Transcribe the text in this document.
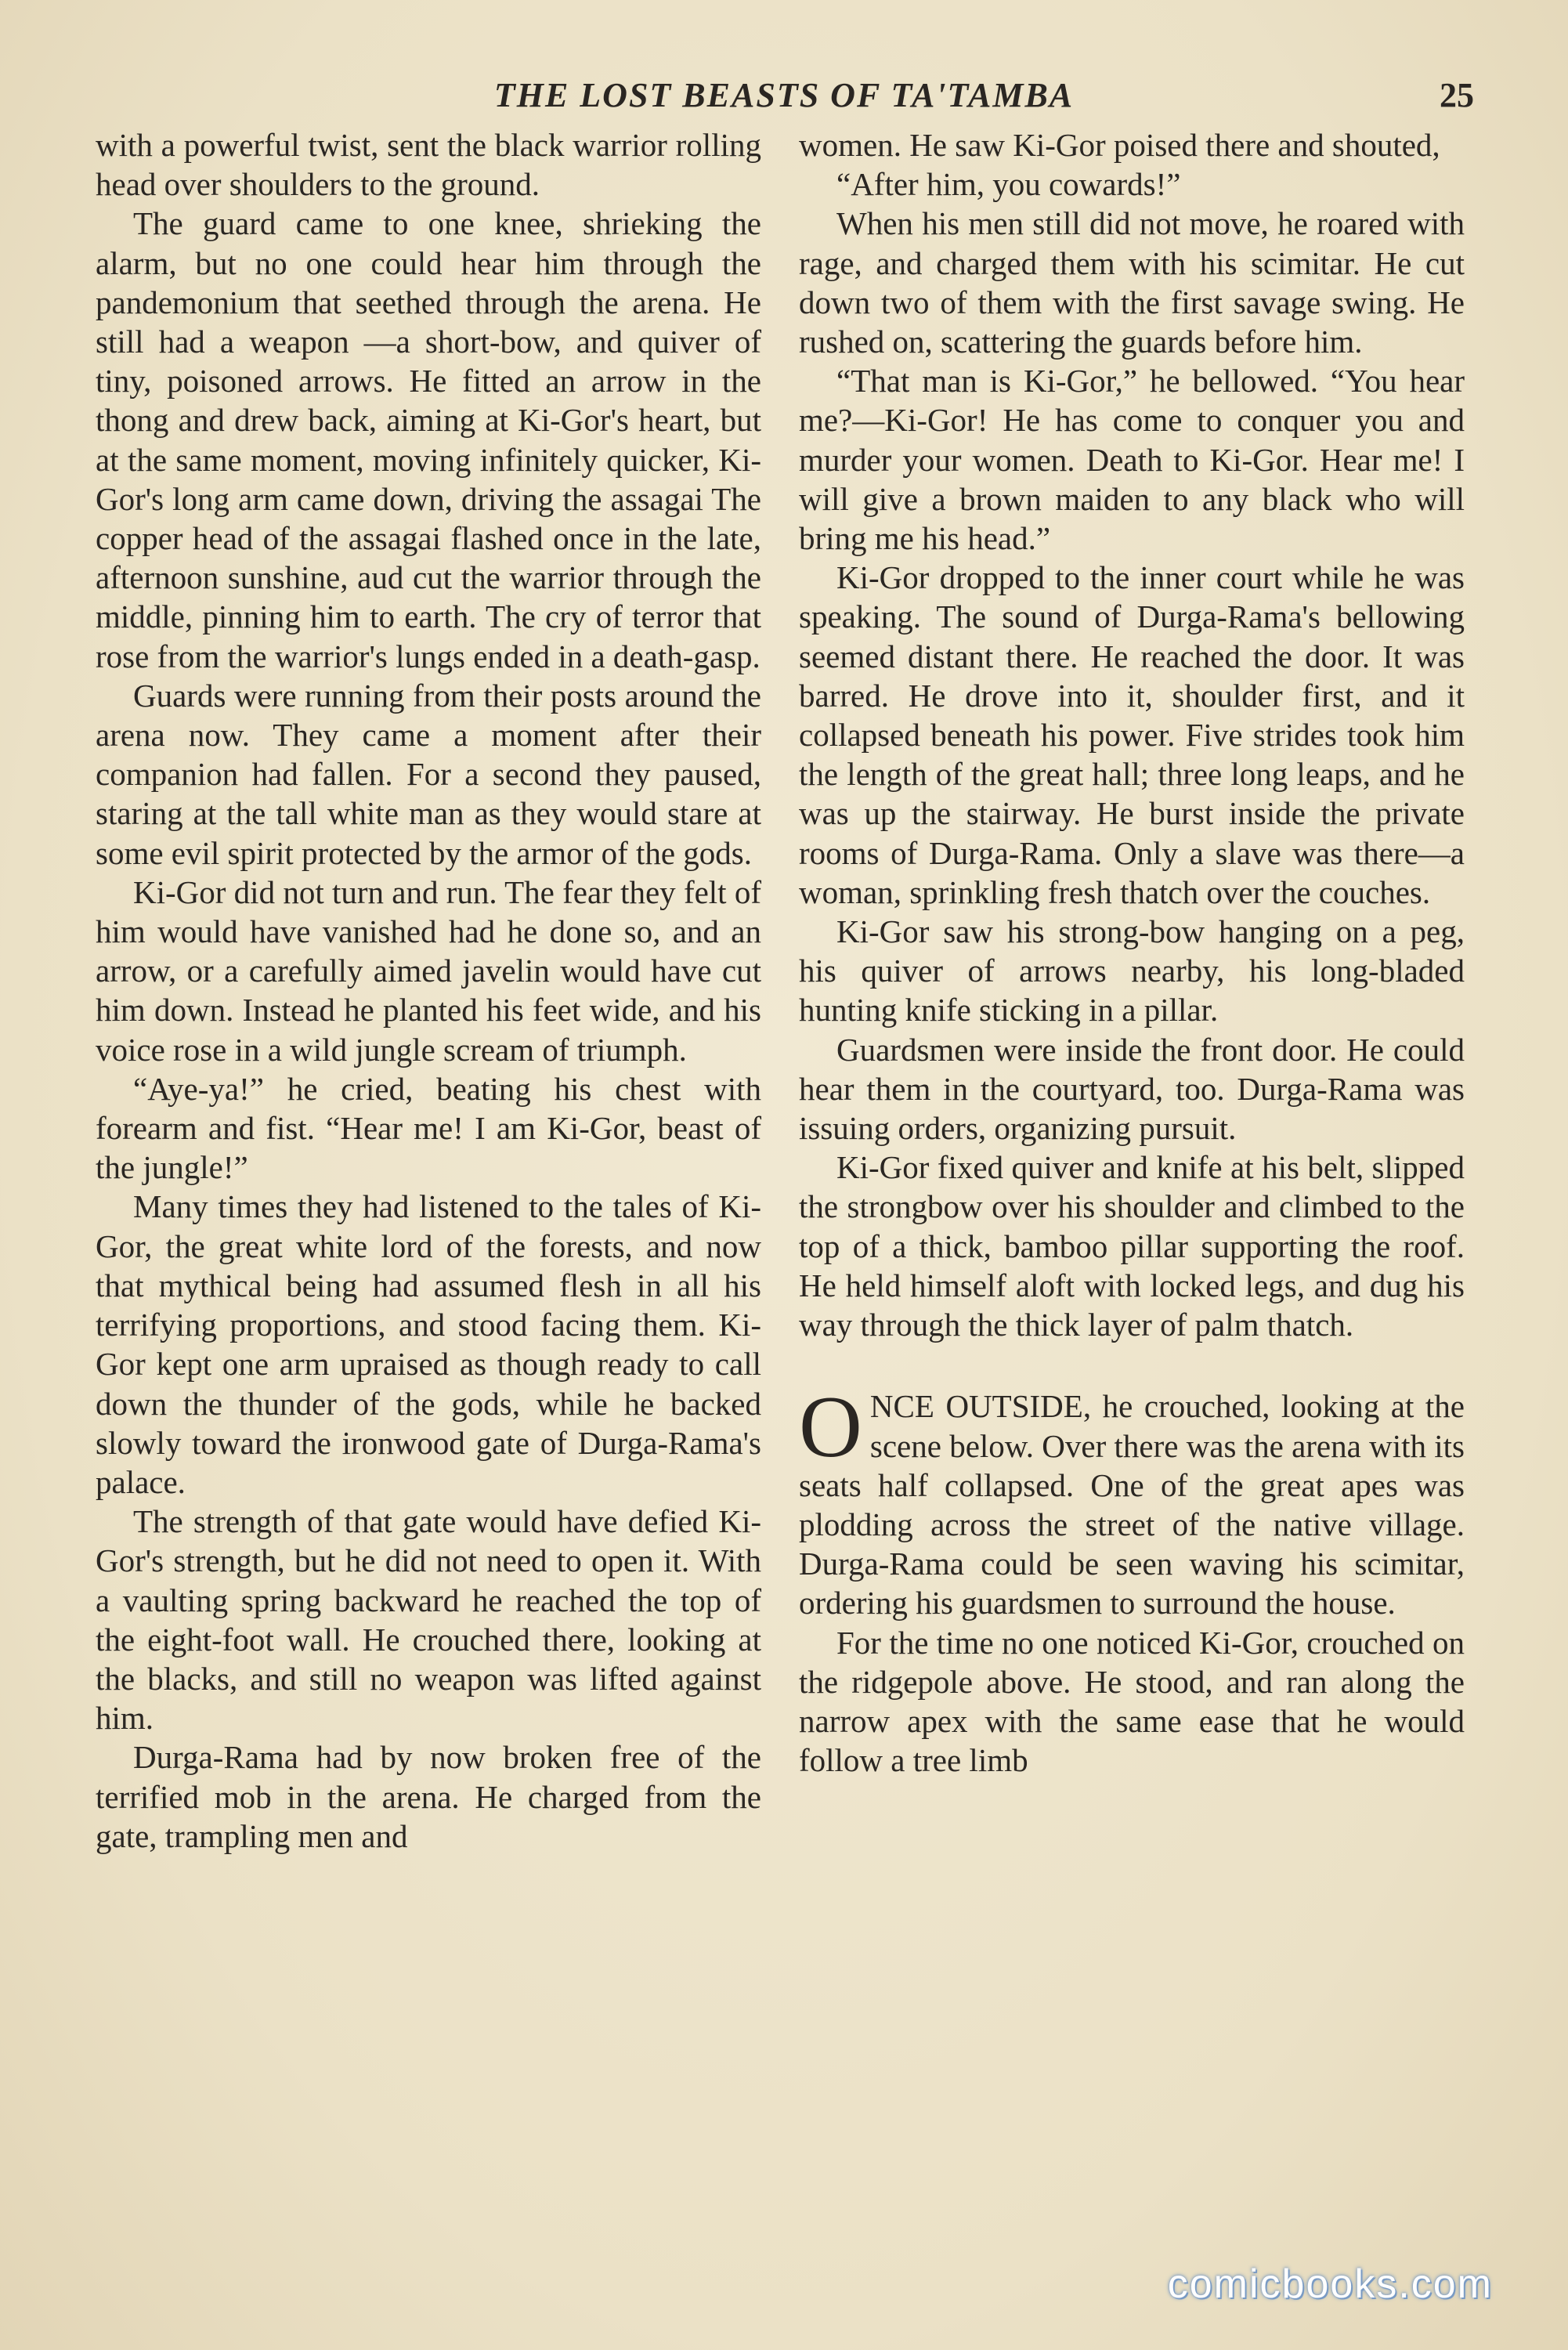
THE LOST BEASTS OF TA'TAMBA	25

with a powerful twist, sent the black warrior rolling head over shoulders to the ground.

The guard came to one knee, shrieking the alarm, but no one could hear him through the pandemonium that seethed through the arena. He still had a weapon —a short-bow, and quiver of tiny, poisoned arrows. He fitted an arrow in the thong and drew back, aiming at Ki-Gor's heart, but at the same moment, moving infinitely quicker, Ki-Gor's long arm came down, driving the assagai The copper head of the assagai flashed once in the late, afternoon sunshine, aud cut the warrior through the middle, pinning him to earth. The cry of terror that rose from the warrior's lungs ended in a death-gasp.

Guards were running from their posts around the arena now. They came a moment after their companion had fallen. For a second they paused, staring at the tall white man as they would stare at some evil spirit protected by the armor of the gods.

Ki-Gor did not turn and run. The fear they felt of him would have vanished had he done so, and an arrow, or a carefully aimed javelin would have cut him down. Instead he planted his feet wide, and his voice rose in a wild jungle scream of triumph.

“Aye-ya!” he cried, beating his chest with forearm and fist. “Hear me! I am Ki-Gor, beast of the jungle!”

Many times they had listened to the tales of Ki-Gor, the great white lord of the forests, and now that mythical being had assumed flesh in all his terrifying proportions, and stood facing them. Ki-Gor kept one arm upraised as though ready to call down the thunder of the gods, while he backed slowly toward the ironwood gate of Durga-Rama's palace.

The strength of that gate would have defied Ki-Gor's strength, but he did not need to open it. With a vaulting spring backward he reached the top of the eight-foot wall. He crouched there, looking at the blacks, and still no weapon was lifted against him.

Durga-Rama had by now broken free of the terrified mob in the arena. He charged from the gate, trampling men and

women. He saw Ki-Gor poised there and shouted,

“After him, you cowards!”

When his men still did not move, he roared with rage, and charged them with his scimitar. He cut down two of them with the first savage swing. He rushed on, scattering the guards before him.

“That man is Ki-Gor,” he bellowed. “You hear me?—Ki-Gor! He has come to conquer you and murder your women. Death to Ki-Gor. Hear me! I will give a brown maiden to any black who will bring me his head.”

Ki-Gor dropped to the inner court while he was speaking. The sound of Durga-Rama's bellowing seemed distant there. He reached the door. It was barred. He drove into it, shoulder first, and it collapsed beneath his power. Five strides took him the length of the great hall; three long leaps, and he was up the stairway. He burst inside the private rooms of Durga-Rama. Only a slave was there—a woman, sprinkling fresh thatch over the couches.

Ki-Gor saw his strong-bow hanging on a peg, his quiver of arrows nearby, his long-bladed hunting knife sticking in a pillar.

Guardsmen were inside the front door. He could hear them in the courtyard, too. Durga-Rama was issuing orders, organizing pursuit.

Ki-Gor fixed quiver and knife at his belt, slipped the strongbow over his shoulder and climbed to the top of a thick, bamboo pillar supporting the roof. He held himself aloft with locked legs, and dug his way through the thick layer of palm thatch.

ONCE OUTSIDE, he crouched, looking at the scene below. Over there was the arena with its seats half collapsed. One of the great apes was plodding across the street of the native village. Durga-Rama could be seen waving his scimitar, ordering his guardsmen to surround the house.

For the time no one noticed Ki-Gor, crouched on the ridgepole above. He stood, and ran along the narrow apex with the same ease that he would follow a tree limb

comicbooks.com
